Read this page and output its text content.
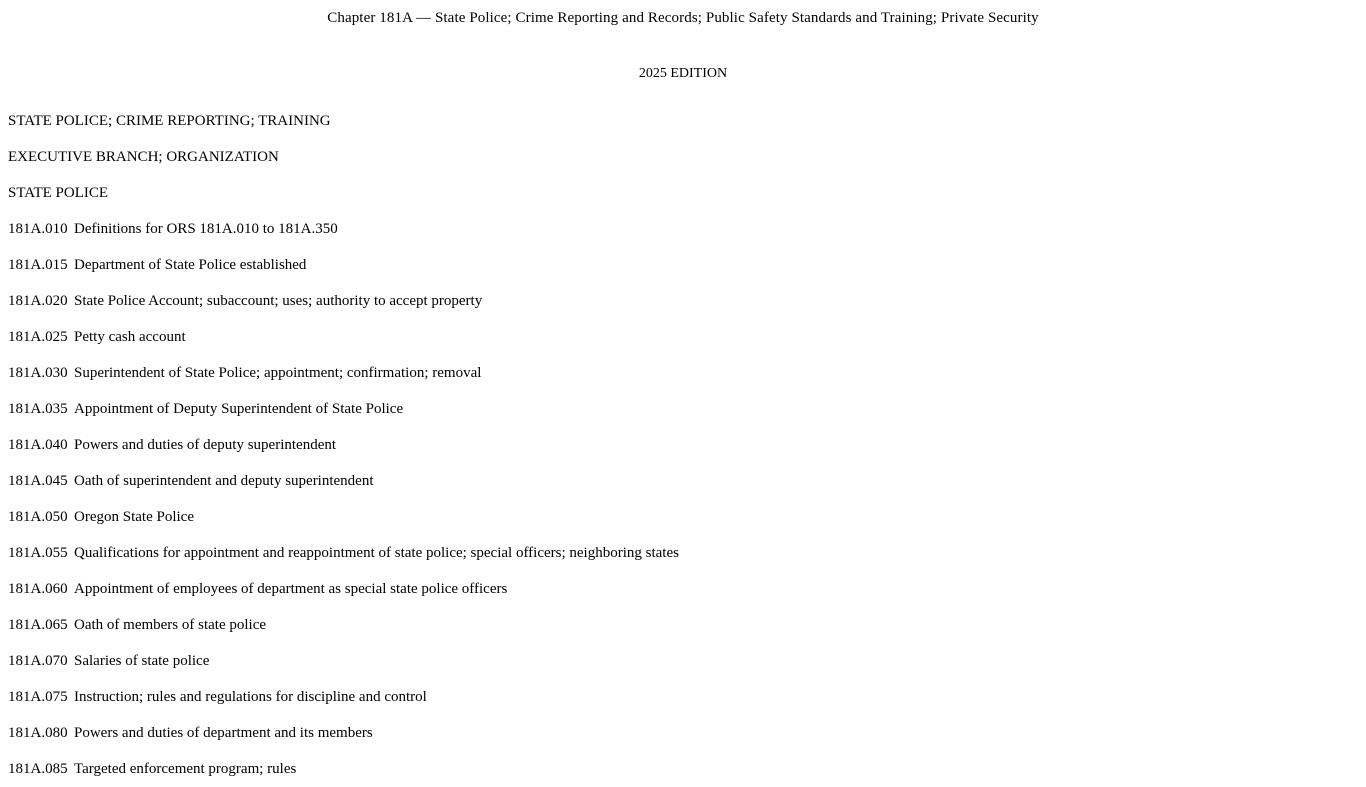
Chapter 181A — State Police; Crime Reporting and Records; Public Safety Standards and Training; Private Security
2025 EDITION
STATE POLICE; CRIME REPORTING; TRAINING
EXECUTIVE BRANCH; ORGANIZATION
STATE POLICE
181A.010 Definitions for ORS 181A.010 to 181A.350
181A.015 Department of State Police established
181A.020 State Police Account; subaccount; uses; authority to accept property
181A.025 Petty cash account
181A.030 Superintendent of State Police; appointment; confirmation; removal
181A.035 Appointment of Deputy Superintendent of State Police
181A.040 Powers and duties of deputy superintendent
181A.045 Oath of superintendent and deputy superintendent
181A.050 Oregon State Police
181A.055 Qualifications for appointment and reappointment of state police; special officers; neighboring states
181A.060 Appointment of employees of department as special state police officers
181A.065 Oath of members of state police
181A.070 Salaries of state police
181A.075 Instruction; rules and regulations for discipline and control
181A.080 Powers and duties of department and its members
181A.085 Targeted enforcement program; rules
